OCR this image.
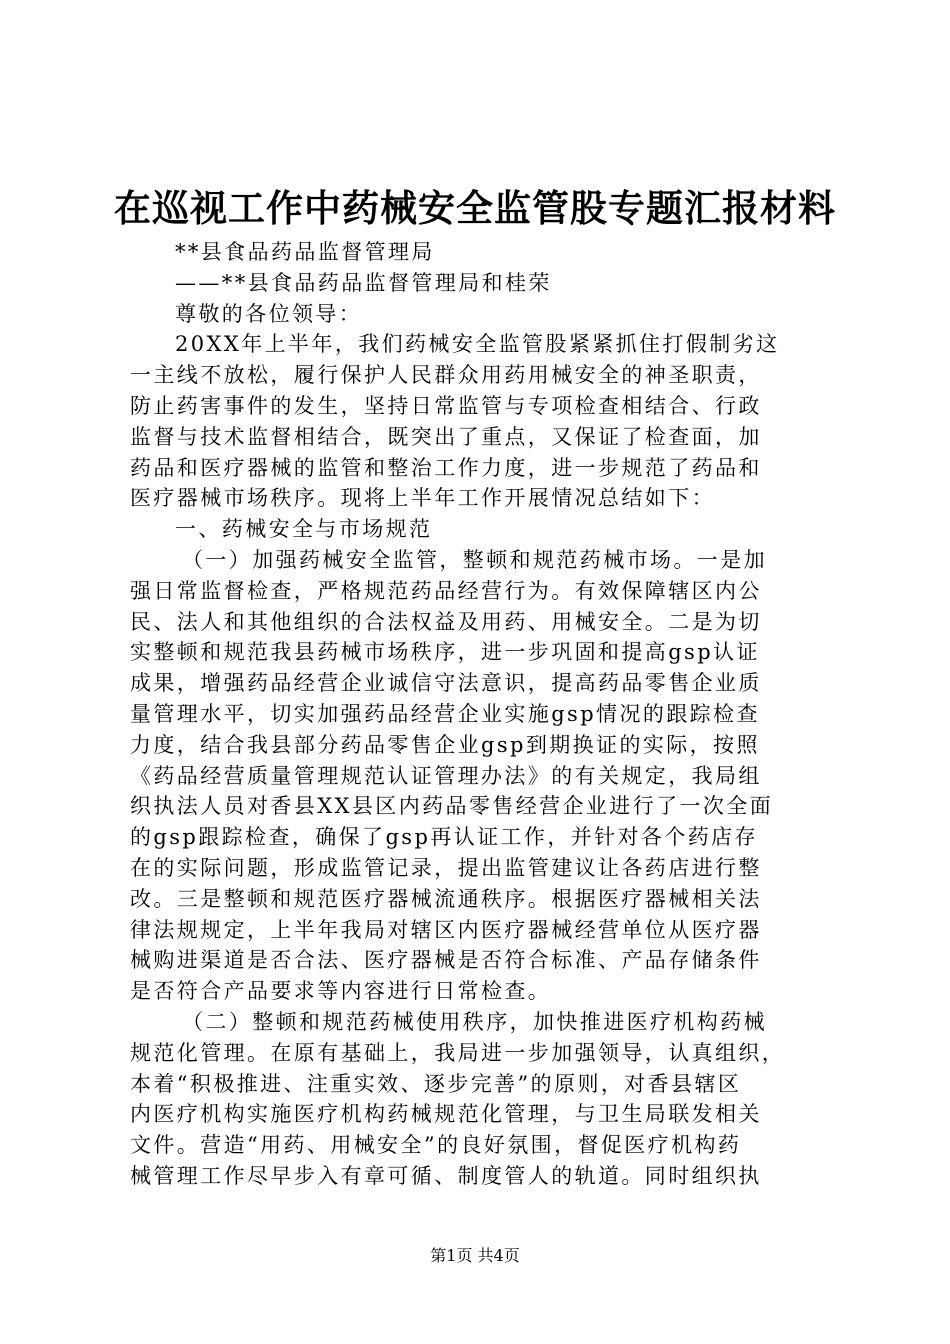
在巡视工作中药械安全监管股专题汇报材料
**县食品药品监督管理局
——**县食品药品监督管理局和桂荣
尊敬的各位领导：
20XX年上半年，我们药械安全监管股紧紧抓住打假制劣这
一主线不放松，履行保护人民群众用药用械安全的神圣职责，
防止药害事件的发生，坚持日常监管与专项检查相结合、行政
监督与技术监督相结合，既突出了重点，又保证了检查面，加
药品和医疗器械的监管和整治工作力度，进一步规范了药品和
医疗器械市场秩序。现将上半年工作开展情况总结如下：
一、药械安全与市场规范
（一）加强药械安全监管，整顿和规范药械市场。一是加
强日常监督检查，严格规范药品经营行为。有效保障辖区内公
民、法人和其他组织的合法权益及用药、用械安全。二是为切
实整顿和规范我县药械市场秩序，进一步巩固和提高gsp认证
成果，增强药品经营企业诚信守法意识，提高药品零售企业质
量管理水平，切实加强药品经营企业实施gsp情况的跟踪检查
力度，结合我县部分药品零售企业gsp到期换证的实际，按照
《药品经营质量管理规范认证管理办法》的有关规定，我局组
织执法人员对香县XX县区内药品零售经营企业进行了一次全面
的gsp跟踪检查，确保了gsp再认证工作，并针对各个药店存
在的实际问题，形成监管记录，提出监管建议让各药店进行整
改。三是整顿和规范医疗器械流通秩序。根据医疗器械相关法
律法规规定，上半年我局对辖区内医疗器械经营单位从医疗器
械购进渠道是否合法、医疗器械是否符合标准、产品存储条件
是否符合产品要求等内容进行日常检查。
（二）整顿和规范药械使用秩序，加快推进医疗机构药械
规范化管理。在原有基础上，我局进一步加强领导，认真组织，
本着“积极推进、注重实效、逐步完善”的原则，对香县辖区
内医疗机构实施医疗机构药械规范化管理，与卫生局联发相关
文件。营造“用药、用械安全”的良好氛围，督促医疗机构药
械管理工作尽早步入有章可循、制度管人的轨道。同时组织执
第1页 共4页
